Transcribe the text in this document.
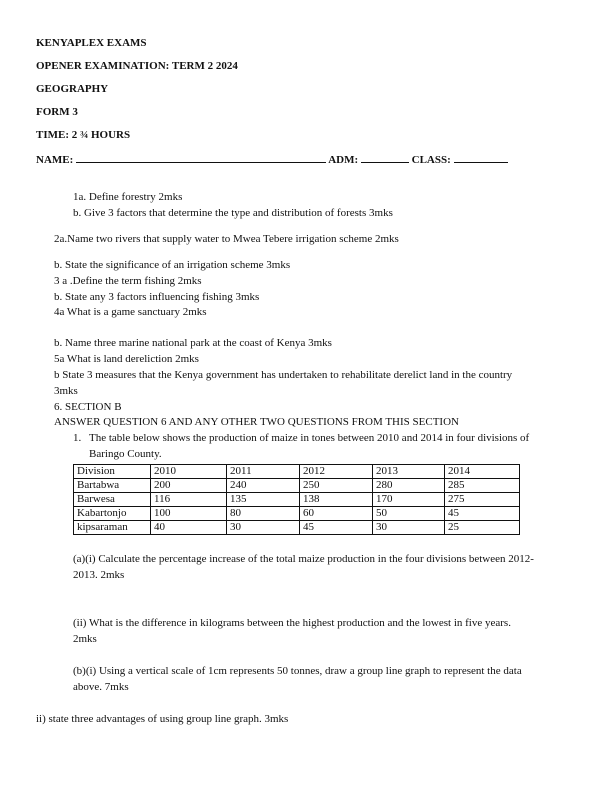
KENYAPLEX EXAMS
OPENER EXAMINATION: TERM 2 2024
GEOGRAPHY
FORM 3
TIME: 2 ¾ HOURS
NAME:	ADM:	CLASS:
1a. Define forestry 2mks
b. Give 3 factors that determine the type and distribution of forests 3mks
2a.Name two rivers that supply water to Mwea Tebere irrigation scheme 2mks
b. State the significance of an irrigation scheme 3mks
3 a .Define the term fishing 2mks
b. State any 3 factors influencing fishing 3mks
4a What is a game sanctuary 2mks
b. Name three marine national park at the coast of Kenya 3mks
5a What is land dereliction 2mks
b State 3 measures that the Kenya government has undertaken to rehabilitate derelict land in the country
3mks
6. SECTION B
ANSWER QUESTION 6 AND ANY OTHER TWO QUESTIONS FROM THIS SECTION
1. The table below shows the production of maize in tones between 2010 and 2014 in four divisions of
Baringo County.
Division	2010	2011	2012	2013	2014
Bartabwa	200	240	250	280	285
Barwesa	116	135	138	170	275
Kabartonjo	100	80	60	50	45
kipsaraman	40	30	45	30	25
(a)(i) Calculate the percentage increase of the total maize production in the four divisions between 2012-
2013. 2mks
(ii) What is the difference in kilograms between the highest production and the lowest in five years.
2mks
(b)(i) Using a vertical scale of 1cm represents 50 tonnes, draw a group line graph to represent the data
above. 7mks
ii) state three advantages of using group line graph. 3mks
